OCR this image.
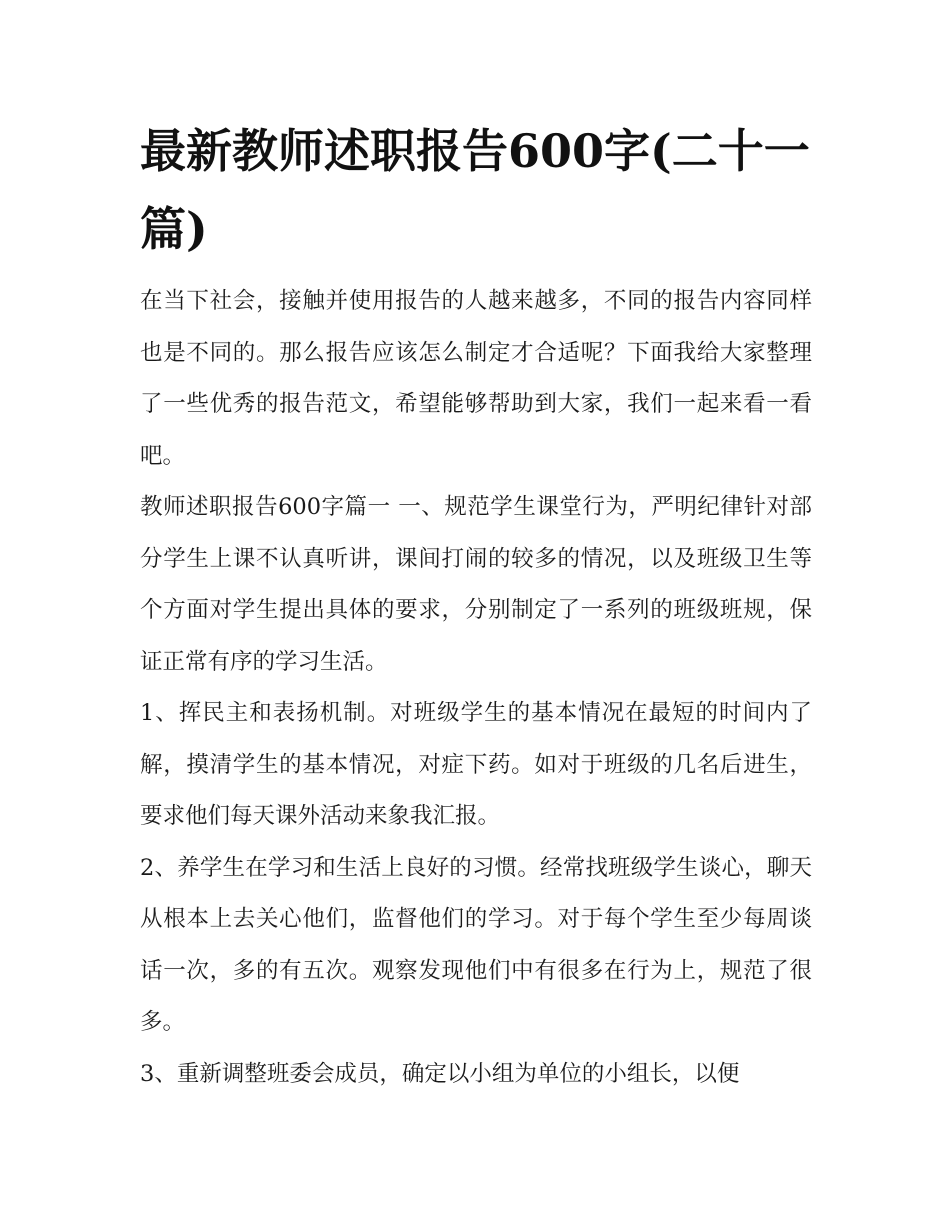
最新教师述职报告600字(二十一篇)

在当下社会，接触并使用报告的人越来越多，不同的报告内容同样也是不同的。那么报告应该怎么制定才合适呢？下面我给大家整理了一些优秀的报告范文，希望能够帮助到大家，我们一起来看一看吧。

教师述职报告600字篇一 一、规范学生课堂行为，严明纪律针对部分学生上课不认真听讲，课间打闹的较多的情况，以及班级卫生等个方面对学生提出具体的要求，分别制定了一系列的班级班规，保证正常有序的学习生活。

1、挥民主和表扬机制。对班级学生的基本情况在最短的时间内了解，摸清学生的基本情况，对症下药。如对于班级的几名后进生，要求他们每天课外活动来象我汇报。

2、养学生在学习和生活上良好的习惯。经常找班级学生谈心，聊天从根本上去关心他们，监督他们的学习。对于每个学生至少每周谈话一次，多的有五次。观察发现他们中有很多在行为上，规范了很多。

3、重新调整班委会成员，确定以小组为单位的小组长，以便
